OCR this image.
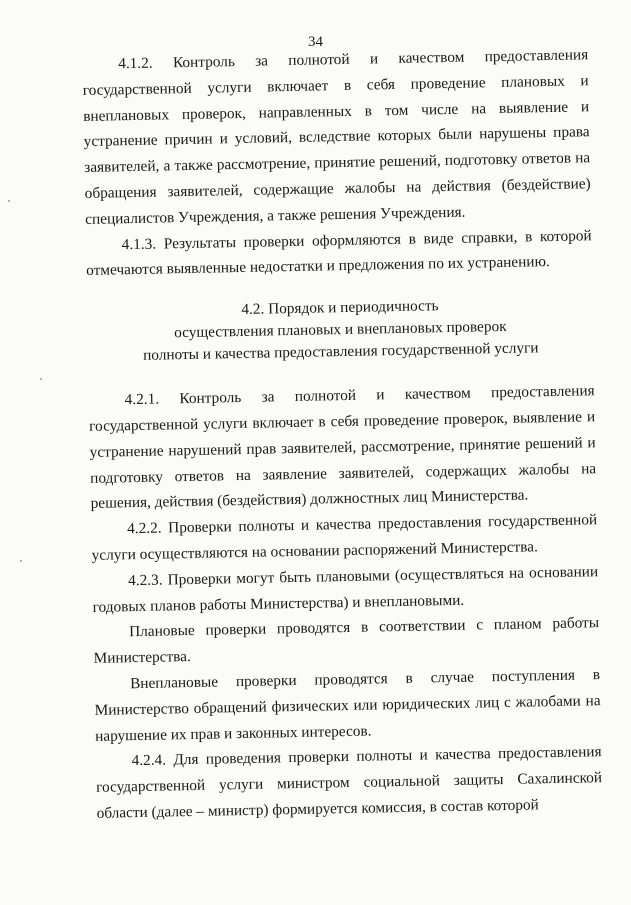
34

4.1.2. Контроль за полнотой и качеством предоставления государственной услуги включает в себя проведение плановых и внеплановых проверок, направленных в том числе на выявление и устранение причин и условий, вследствие которых были нарушены права заявителей, а также рассмотрение, принятие решений, подготовку ответов на обращения заявителей, содержащие жалобы на действия (бездействие) специалистов Учреждения, а также решения Учреждения.

4.1.3. Результаты проверки оформляются в виде справки, в которой отмечаются выявленные недостатки и предложения по их устранению.

4.2. Порядок и периодичность
осуществления плановых и внеплановых проверок
полноты и качества предоставления государственной услуги

4.2.1. Контроль за полнотой и качеством предоставления государственной услуги включает в себя проведение проверок, выявление и устранение нарушений прав заявителей, рассмотрение, принятие решений и подготовку ответов на заявление заявителей, содержащих жалобы на решения, действия (бездействия) должностных лиц Министерства.

4.2.2. Проверки полноты и качества предоставления государственной услуги осуществляются на основании распоряжений Министерства.

4.2.3. Проверки могут быть плановыми (осуществляться на основании годовых планов работы Министерства) и внеплановыми.

Плановые проверки проводятся в соответствии с планом работы Министерства.

Внеплановые проверки проводятся в случае поступления в Министерство обращений физических или юридических лиц с жалобами на нарушение их прав и законных интересов.

4.2.4. Для проведения проверки полноты и качества предоставления государственной услуги министром социальной защиты Сахалинской области (далее – министр) формируется комиссия, в состав которой
